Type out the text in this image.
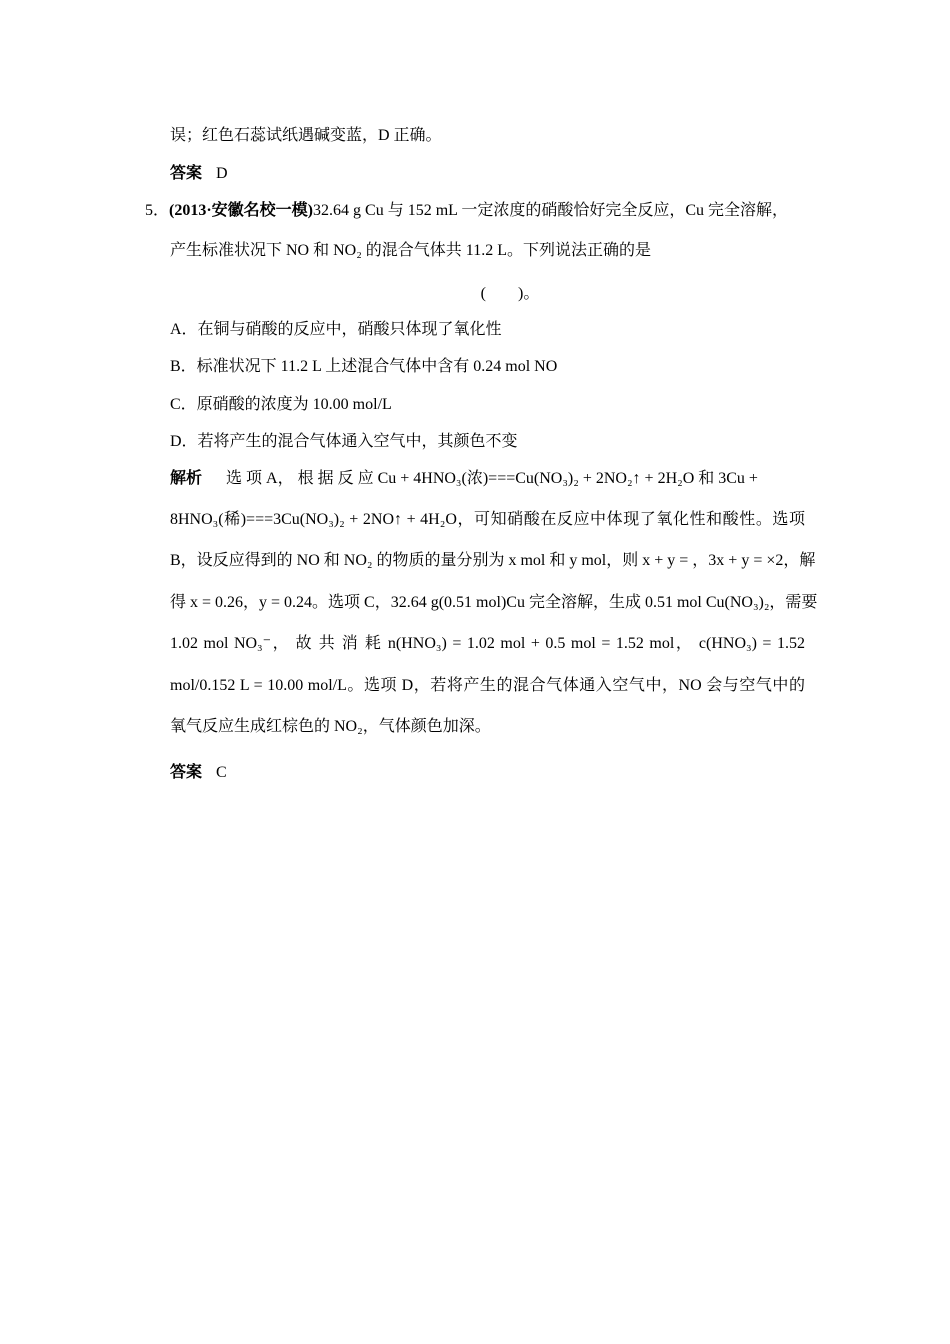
误；红色石蕊试纸遇碱变蓝，D 正确。
答案 D
5．(2013·安徽名校一模)32.64 g Cu 与 152 mL 一定浓度的硝酸恰好完全反应，Cu 完全溶解，
产生标准状况下 NO 和 NO₂ 的混合气体共 11.2 L。下列说法正确的是
(　　)。
A．在铜与硝酸的反应中，硝酸只体现了氧化性
B．标准状况下 11.2 L 上述混合气体中含有 0.24 mol NO
C．原硝酸的浓度为 10.00 mol/L
D．若将产生的混合气体通入空气中，其颜色不变
解析 选 项 A， 根 据 反 应 Cu + 4HNO₃(浓)===Cu(NO₃)₂ + 2NO₂↑ + 2H₂O 和 3Cu +
8HNO₃(稀)===3Cu(NO₃)₂ + 2NO↑ + 4H₂O，可知硝酸在反应中体现了氧化性和酸性。选项
B，设反应得到的 NO 和 NO₂ 的物质的量分别为 x mol 和 y mol，则 x + y = ，3x + y = ×2，解
得 x = 0.26，y = 0.24。选项 C，32.64 g(0.51 mol)Cu 完全溶解，生成 0.51 mol Cu(NO₃)₂，需要
1.02 mol NO₃⁻， 故 共 消 耗 n(HNO₃) = 1.02 mol + 0.5 mol = 1.52 mol， c(HNO₃) = 1.52
mol/0.152 L = 10.00 mol/L。选项 D，若将产生的混合气体通入空气中，NO 会与空气中的
氧气反应生成红棕色的 NO₂，气体颜色加深。
答案 C
